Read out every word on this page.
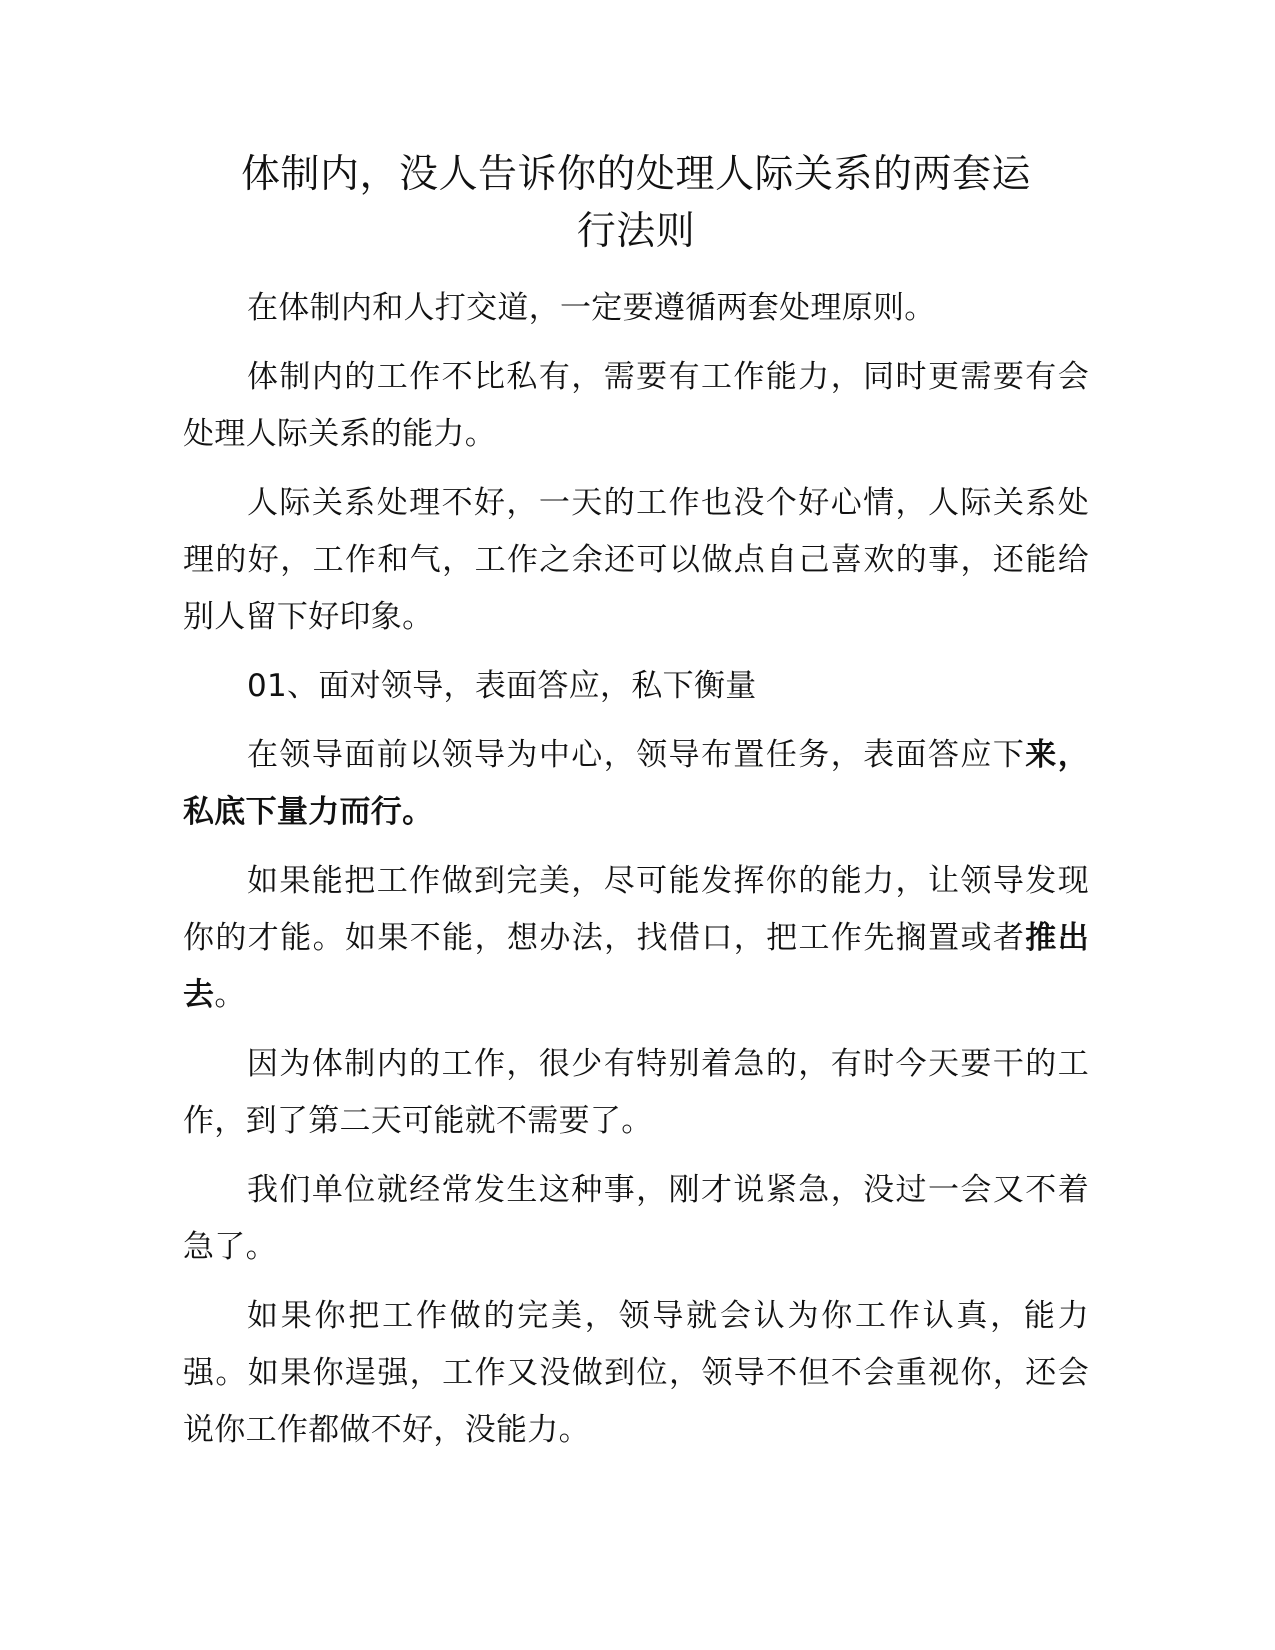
体制内，没人告诉你的处理人际关系的两套运
行法则

在体制内和人打交道，一定要遵循两套处理原则。

体制内的工作不比私有，需要有工作能力，同时更需要有会处理人际关系的能力。

人际关系处理不好，一天的工作也没个好心情，人际关系处理的好，工作和气，工作之余还可以做点自己喜欢的事，还能给别人留下好印象。

01、面对领导，表面答应，私下衡量

在领导面前以领导为中心，领导布置任务，表面答应下来，私底下量力而行。

如果能把工作做到完美，尽可能发挥你的能力，让领导发现你的才能。如果不能，想办法，找借口，把工作先搁置或者推出去。

因为体制内的工作，很少有特别着急的，有时今天要干的工作，到了第二天可能就不需要了。

我们单位就经常发生这种事，刚才说紧急，没过一会又不着急了。

如果你把工作做的完美，领导就会认为你工作认真，能力强。如果你逞强，工作又没做到位，领导不但不会重视你，还会说你工作都做不好，没能力。
